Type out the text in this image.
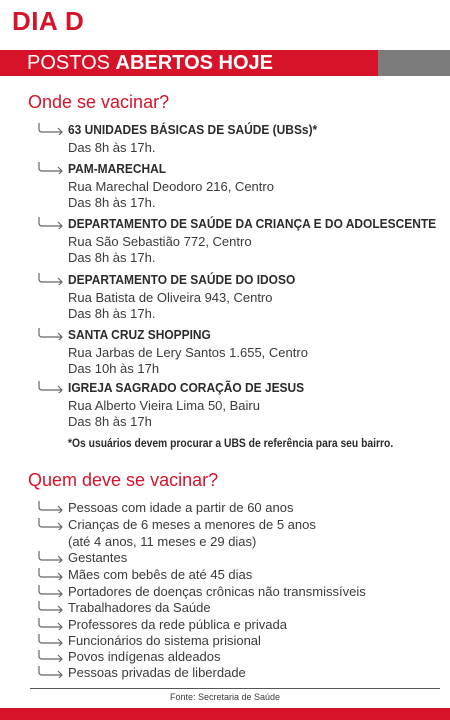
DIA D
POSTOS ABERTOS HOJE
Onde se vacinar?
63 UNIDADES BÁSICAS DE SAÚDE (UBSs)*
Das 8h às 17h.
PAM-MARECHAL
Rua Marechal Deodoro 216, Centro
Das 8h às 17h.
DEPARTAMENTO DE SAÚDE DA CRIANÇA E DO ADOLESCENTE
Rua São Sebastião 772, Centro
Das 8h às 17h.
DEPARTAMENTO DE SAÚDE DO IDOSO
Rua Batista de Oliveira 943, Centro
Das 8h às 17h.
SANTA CRUZ SHOPPING
Rua Jarbas de Lery Santos 1.655, Centro
Das 10h às 17h
IGREJA SAGRADO CORAÇÃO DE JESUS
Rua Alberto Vieira Lima 50, Bairu
Das 8h às 17h
*Os usuários devem procurar a UBS de referência para seu bairro.
Quem deve se vacinar?
Pessoas com idade a partir de 60 anos
Crianças de 6 meses a menores de 5 anos
(até 4 anos, 11 meses e 29 dias)
Gestantes
Mães com bebês de até 45 dias
Portadores de doenças crônicas não transmissíveis
Trabalhadores da Saúde
Professores da rede pública e privada
Funcionários do sistema prisional
Povos indígenas aldeados
Pessoas privadas de liberdade
Fonte: Secretaria de Saúde
